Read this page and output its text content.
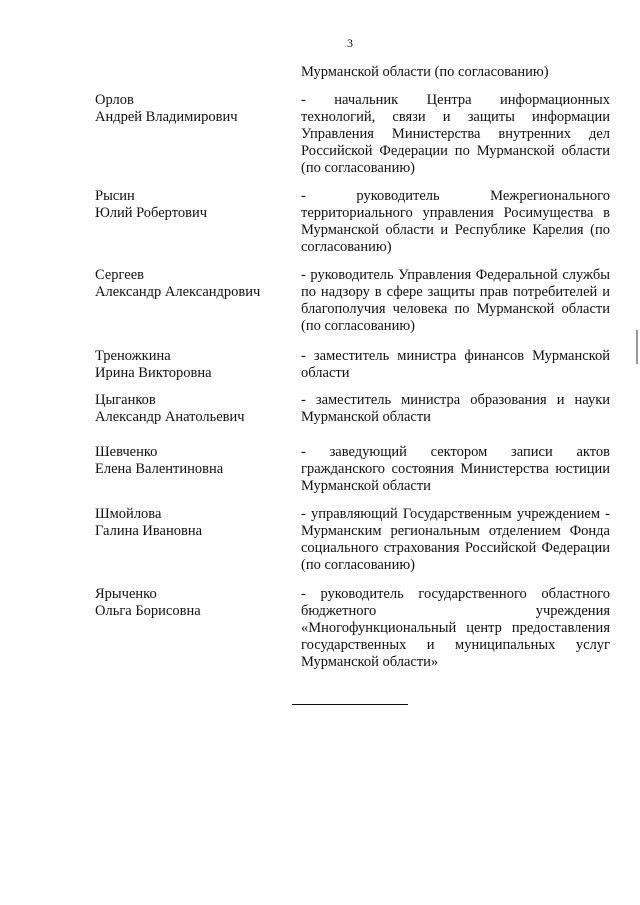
3
Мурманской области (по согласованию)
Орлов
Андрей Владимирович
- начальник Центра информационных технологий, связи и защиты информации Управления Министерства внутренних дел Российской Федерации по Мурманской области (по согласованию)
Рысин
Юлий Робертович
- руководитель Межрегионального территориального управления Росимущества в Мурманской области и Республике Карелия (по согласованию)
Сергеев
Александр Александрович
- руководитель Управления Федеральной службы по надзору в сфере защиты прав потребителей и благополучия человека по Мурманской области (по согласованию)
Треножкина
Ирина Викторовна
- заместитель министра финансов Мурманской области
Цыганков
Александр Анатольевич
- заместитель министра образования и науки Мурманской области
Шевченко
Елена Валентиновна
- заведующий сектором записи актов гражданского состояния Министерства юстиции Мурманской области
Шмойлова
Галина Ивановна
- управляющий Государственным учреждением - Мурманским региональным отделением Фонда социального страхования Российской Федерации (по согласованию)
Ярыченко
Ольга Борисовна
- руководитель государственного областного бюджетного учреждения «Многофункциональный центр предоставления государственных и муниципальных услуг Мурманской области»
